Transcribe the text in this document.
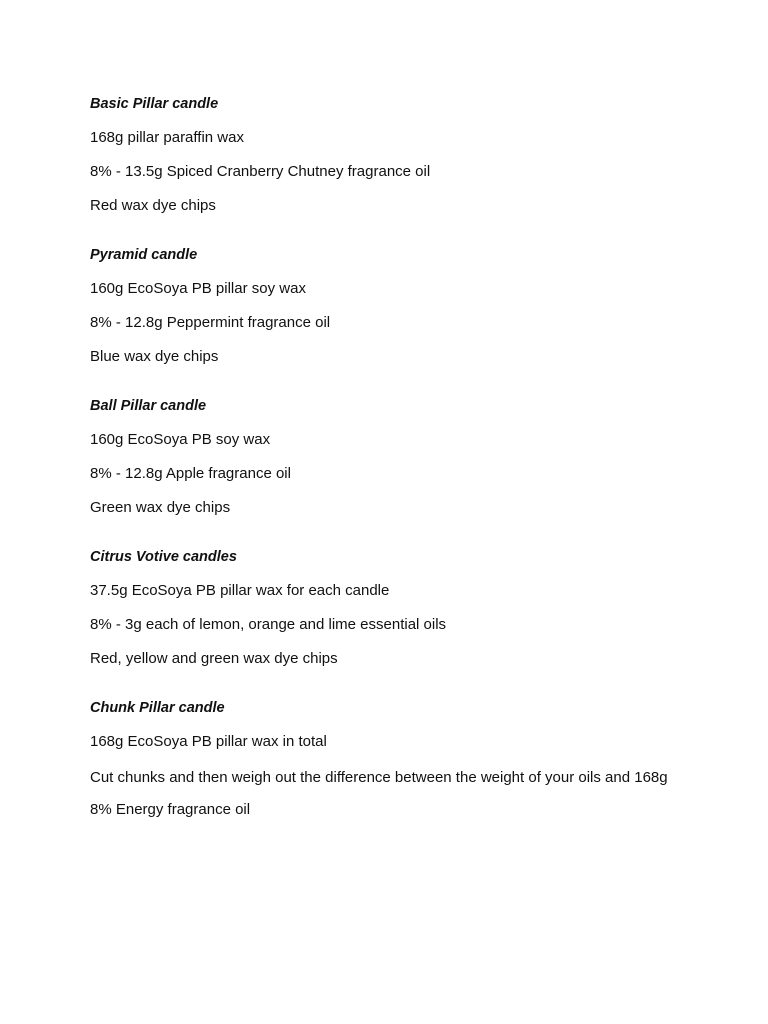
Basic Pillar candle

168g pillar paraffin wax

8% - 13.5g Spiced Cranberry Chutney fragrance oil

Red wax dye chips

Pyramid candle

160g EcoSoya PB pillar soy wax

8% - 12.8g Peppermint fragrance oil

Blue wax dye chips

Ball Pillar candle

160g EcoSoya PB soy wax

8% - 12.8g Apple fragrance oil

Green wax dye chips

Citrus Votive candles

37.5g EcoSoya PB pillar wax for each candle

8% - 3g each of lemon, orange and lime essential oils

Red, yellow and green wax dye chips

Chunk Pillar candle

168g EcoSoya PB pillar wax in total

Cut chunks and then weigh out the difference between the weight of your oils and 168g

8% Energy fragrance oil
